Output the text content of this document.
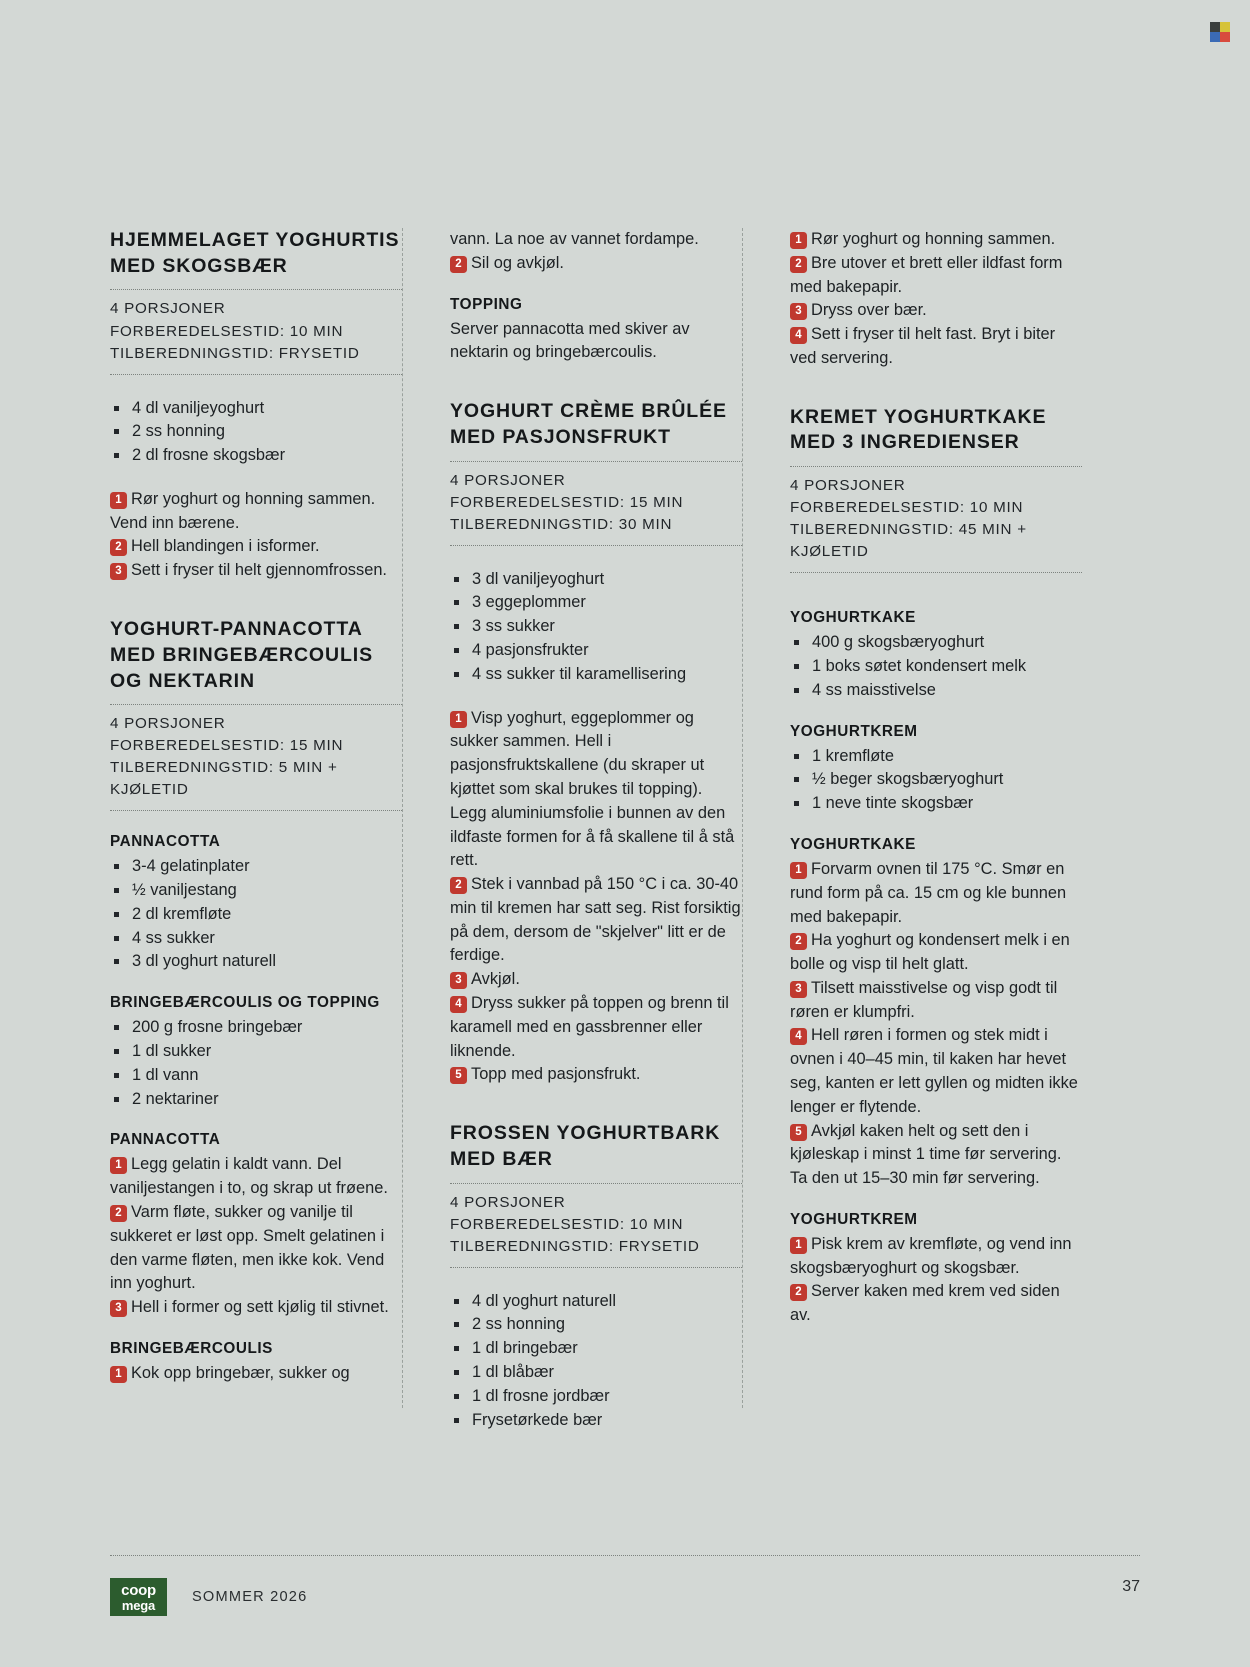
HJEMMELAGET YOGHURTIS MED SKOGSBÆR
4 PORSJONER
FORBEREDELSESTID: 10 MIN
TILBEREDNINGSTID: FRYSETID
4 dl vaniljeyoghurt
2 ss honning
2 dl frosne skogsbær
1 Rør yoghurt og honning sammen. Vend inn bærene.
2 Hell blandingen i isformer.
3 Sett i fryser til helt gjennomfrossen.
YOGHURT-PANNACOTTA MED BRINGEBÆRCOULIS OG NEKTARIN
4 PORSJONER
FORBEREDELSESTID: 15 MIN
TILBEREDNINGSTID: 5 MIN + KJØLETID
PANNACOTTA
3-4 gelatinplater
½ vaniljestang
2 dl kremfløte
4 ss sukker
3 dl yoghurt naturell
BRINGEBÆRCOULIS OG TOPPING
200 g frosne bringebær
1 dl sukker
1 dl vann
2 nektariner
PANNACOTTA
1 Legg gelatin i kaldt vann. Del vaniljestangen i to, og skrap ut frøene.
2 Varm fløte, sukker og vanilje til sukkeret er løst opp. Smelt gelatinen i den varme fløten, men ikke kok. Vend inn yoghurt.
3 Hell i former og sett kjølig til stivnet.
BRINGEBÆRCOULIS
1 Kok opp bringebær, sukker og

vann. La noe av vannet fordampe.

2 Sil og avkjøl.
TOPPING

Server pannacotta med skiver av nektarin og bringebærcoulis.

YOGHURT CRÈME BRÛLÉE MED PASJONSFRUKT
4 PORSJONER
FORBEREDELSESTID: 15 MIN
TILBEREDNINGSTID: 30 MIN
3 dl vaniljeyoghurt
3 eggeplommer
3 ss sukker
4 pasjonsfrukter
4 ss sukker til karamellisering
1 Visp yoghurt, eggeplommer og sukker sammen. Hell i pasjonsfruktskallene (du skraper ut kjøttet som skal brukes til topping). Legg aluminiumsfolie i bunnen av den ildfaste formen for å få skallene til å stå rett.
2 Stek i vannbad på 150 °C i ca. 30-40 min til kremen har satt seg. Rist forsiktig på dem, dersom de "skjelver" litt er de ferdige.
3 Avkjøl.
4 Dryss sukker på toppen og brenn til karamell med en gassbrenner eller liknende.
5 Topp med pasjonsfrukt.
FROSSEN YOGHURTBARK MED BÆR
4 PORSJONER
FORBEREDELSESTID: 10 MIN
TILBEREDNINGSTID: FRYSETID
4 dl yoghurt naturell
2 ss honning
1 dl bringebær
1 dl blåbær
1 dl frosne jordbær
Frysetørkede bær
1 Rør yoghurt og honning sammen.
2 Bre utover et brett eller ildfast form med bakepapir.
3 Dryss over bær.
4 Sett i fryser til helt fast. Bryt i biter ved servering.
KREMET YOGHURTKAKE MED 3 INGREDIENSER
4 PORSJONER
FORBEREDELSESTID: 10 MIN
TILBEREDNINGSTID: 45 MIN + KJØLETID
YOGHURTKAKE
400 g skogsbæryoghurt
1 boks søtet kondensert melk
4 ss maisstivelse
YOGHURTKREM
1 kremfløte
½ beger skogsbæryoghurt
1 neve tinte skogsbær
YOGHURTKAKE
1 Forvarm ovnen til 175 °C. Smør en rund form på ca. 15 cm og kle bunnen med bakepapir.
2 Ha yoghurt og kondensert melk i en bolle og visp til helt glatt.
3 Tilsett maisstivelse og visp godt til røren er klumpfri.
4 Hell røren i formen og stek midt i ovnen i 40–45 min, til kaken har hevet seg, kanten er lett gyllen og midten ikke lenger er flytende.
5 Avkjøl kaken helt og sett den i kjøleskap i minst 1 time før servering. Ta den ut 15–30 min før servering.
YOGHURTKREM
1 Pisk krem av kremfløte, og vend inn skogsbæryoghurt og skogsbær.
2 Server kaken med krem ved siden av.
coop
mega	SOMMER 2026
37
